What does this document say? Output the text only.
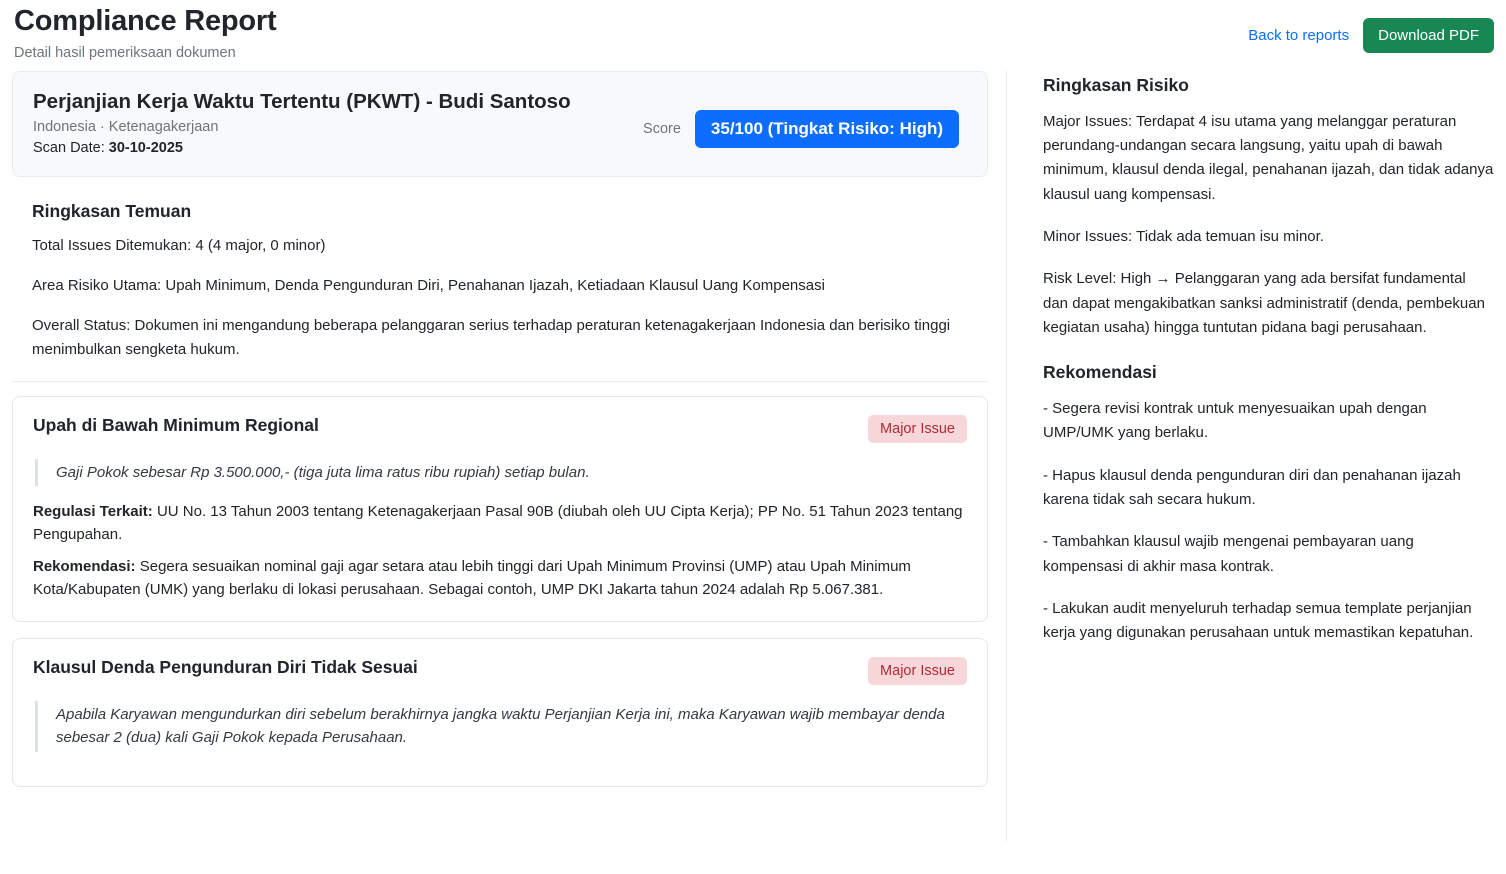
Compliance Report

Detail hasil pemeriksaan dokumen

Back to reports	Download PDF
Perjanjian Kerja Waktu Tertentu (PKWT) - Budi Santoso
Indonesia · Ketenagakerjaan
Scan Date: 30-10-2025
Score	35/100 (Tingkat Risiko: High)
Ringkasan Temuan

Total Issues Ditemukan: 4 (4 major, 0 minor)

Area Risiko Utama: Upah Minimum, Denda Pengunduran Diri, Penahanan Ijazah, Ketiadaan Klausul Uang Kompensasi

Overall Status: Dokumen ini mengandung beberapa pelanggaran serius terhadap peraturan ketenagakerjaan Indonesia dan berisiko tinggi menimbulkan sengketa hukum.

Upah di Bawah Minimum Regional	Major Issue
Gaji Pokok sebesar Rp 3.500.000,- (tiga juta lima ratus ribu rupiah) setiap bulan.

Regulasi Terkait: UU No. 13 Tahun 2003 tentang Ketenagakerjaan Pasal 90B (diubah oleh UU Cipta Kerja); PP No. 51 Tahun 2023 tentang Pengupahan.

Rekomendasi: Segera sesuaikan nominal gaji agar setara atau lebih tinggi dari Upah Minimum Provinsi (UMP) atau Upah Minimum Kota/Kabupaten (UMK) yang berlaku di lokasi perusahaan. Sebagai contoh, UMP DKI Jakarta tahun 2024 adalah Rp 5.067.381.

Klausul Denda Pengunduran Diri Tidak Sesuai	Major Issue
Apabila Karyawan mengundurkan diri sebelum berakhirnya jangka waktu Perjanjian Kerja ini, maka Karyawan wajib membayar denda sebesar 2 (dua) kali Gaji Pokok kepada Perusahaan.
Ringkasan Risiko

Major Issues: Terdapat 4 isu utama yang melanggar peraturan perundang-undangan secara langsung, yaitu upah di bawah minimum, klausul denda ilegal, penahanan ijazah, dan tidak adanya klausul uang kompensasi.

Minor Issues: Tidak ada temuan isu minor.

Risk Level: High → Pelanggaran yang ada bersifat fundamental dan dapat mengakibatkan sanksi administratif (denda, pembekuan kegiatan usaha) hingga tuntutan pidana bagi perusahaan.

Rekomendasi

- Segera revisi kontrak untuk menyesuaikan upah dengan UMP/UMK yang berlaku.

- Hapus klausul denda pengunduran diri dan penahanan ijazah karena tidak sah secara hukum.

- Tambahkan klausul wajib mengenai pembayaran uang kompensasi di akhir masa kontrak.

- Lakukan audit menyeluruh terhadap semua template perjanjian kerja yang digunakan perusahaan untuk memastikan kepatuhan.
